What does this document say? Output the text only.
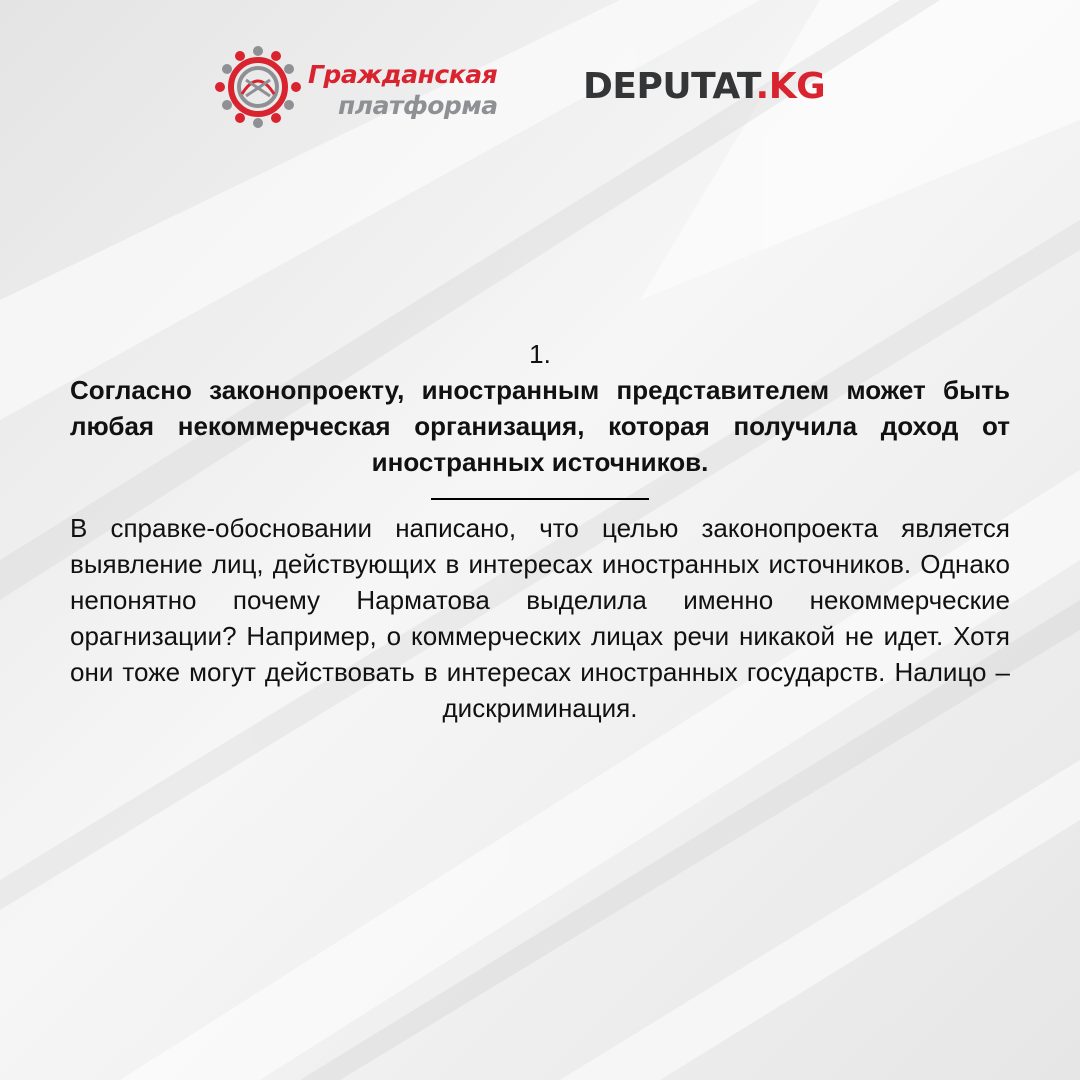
Гражданская
платформа DEPUTAT.KG
1.
Согласно законопроекту, иностранным представителем может быть любая некоммерческая организация, которая получила доход от иностранных источников.
В справке-обосновании написано, что целью законопроекта является выявление лиц, действующих в интересах иностранных источников. Однако непонятно почему Нарматова выделила именно некоммерческие орагнизации? Например, о коммерческих лицах речи никакой не идет. Хотя они тоже могут действовать в интересах иностранных государств. Налицо – дискриминация.
